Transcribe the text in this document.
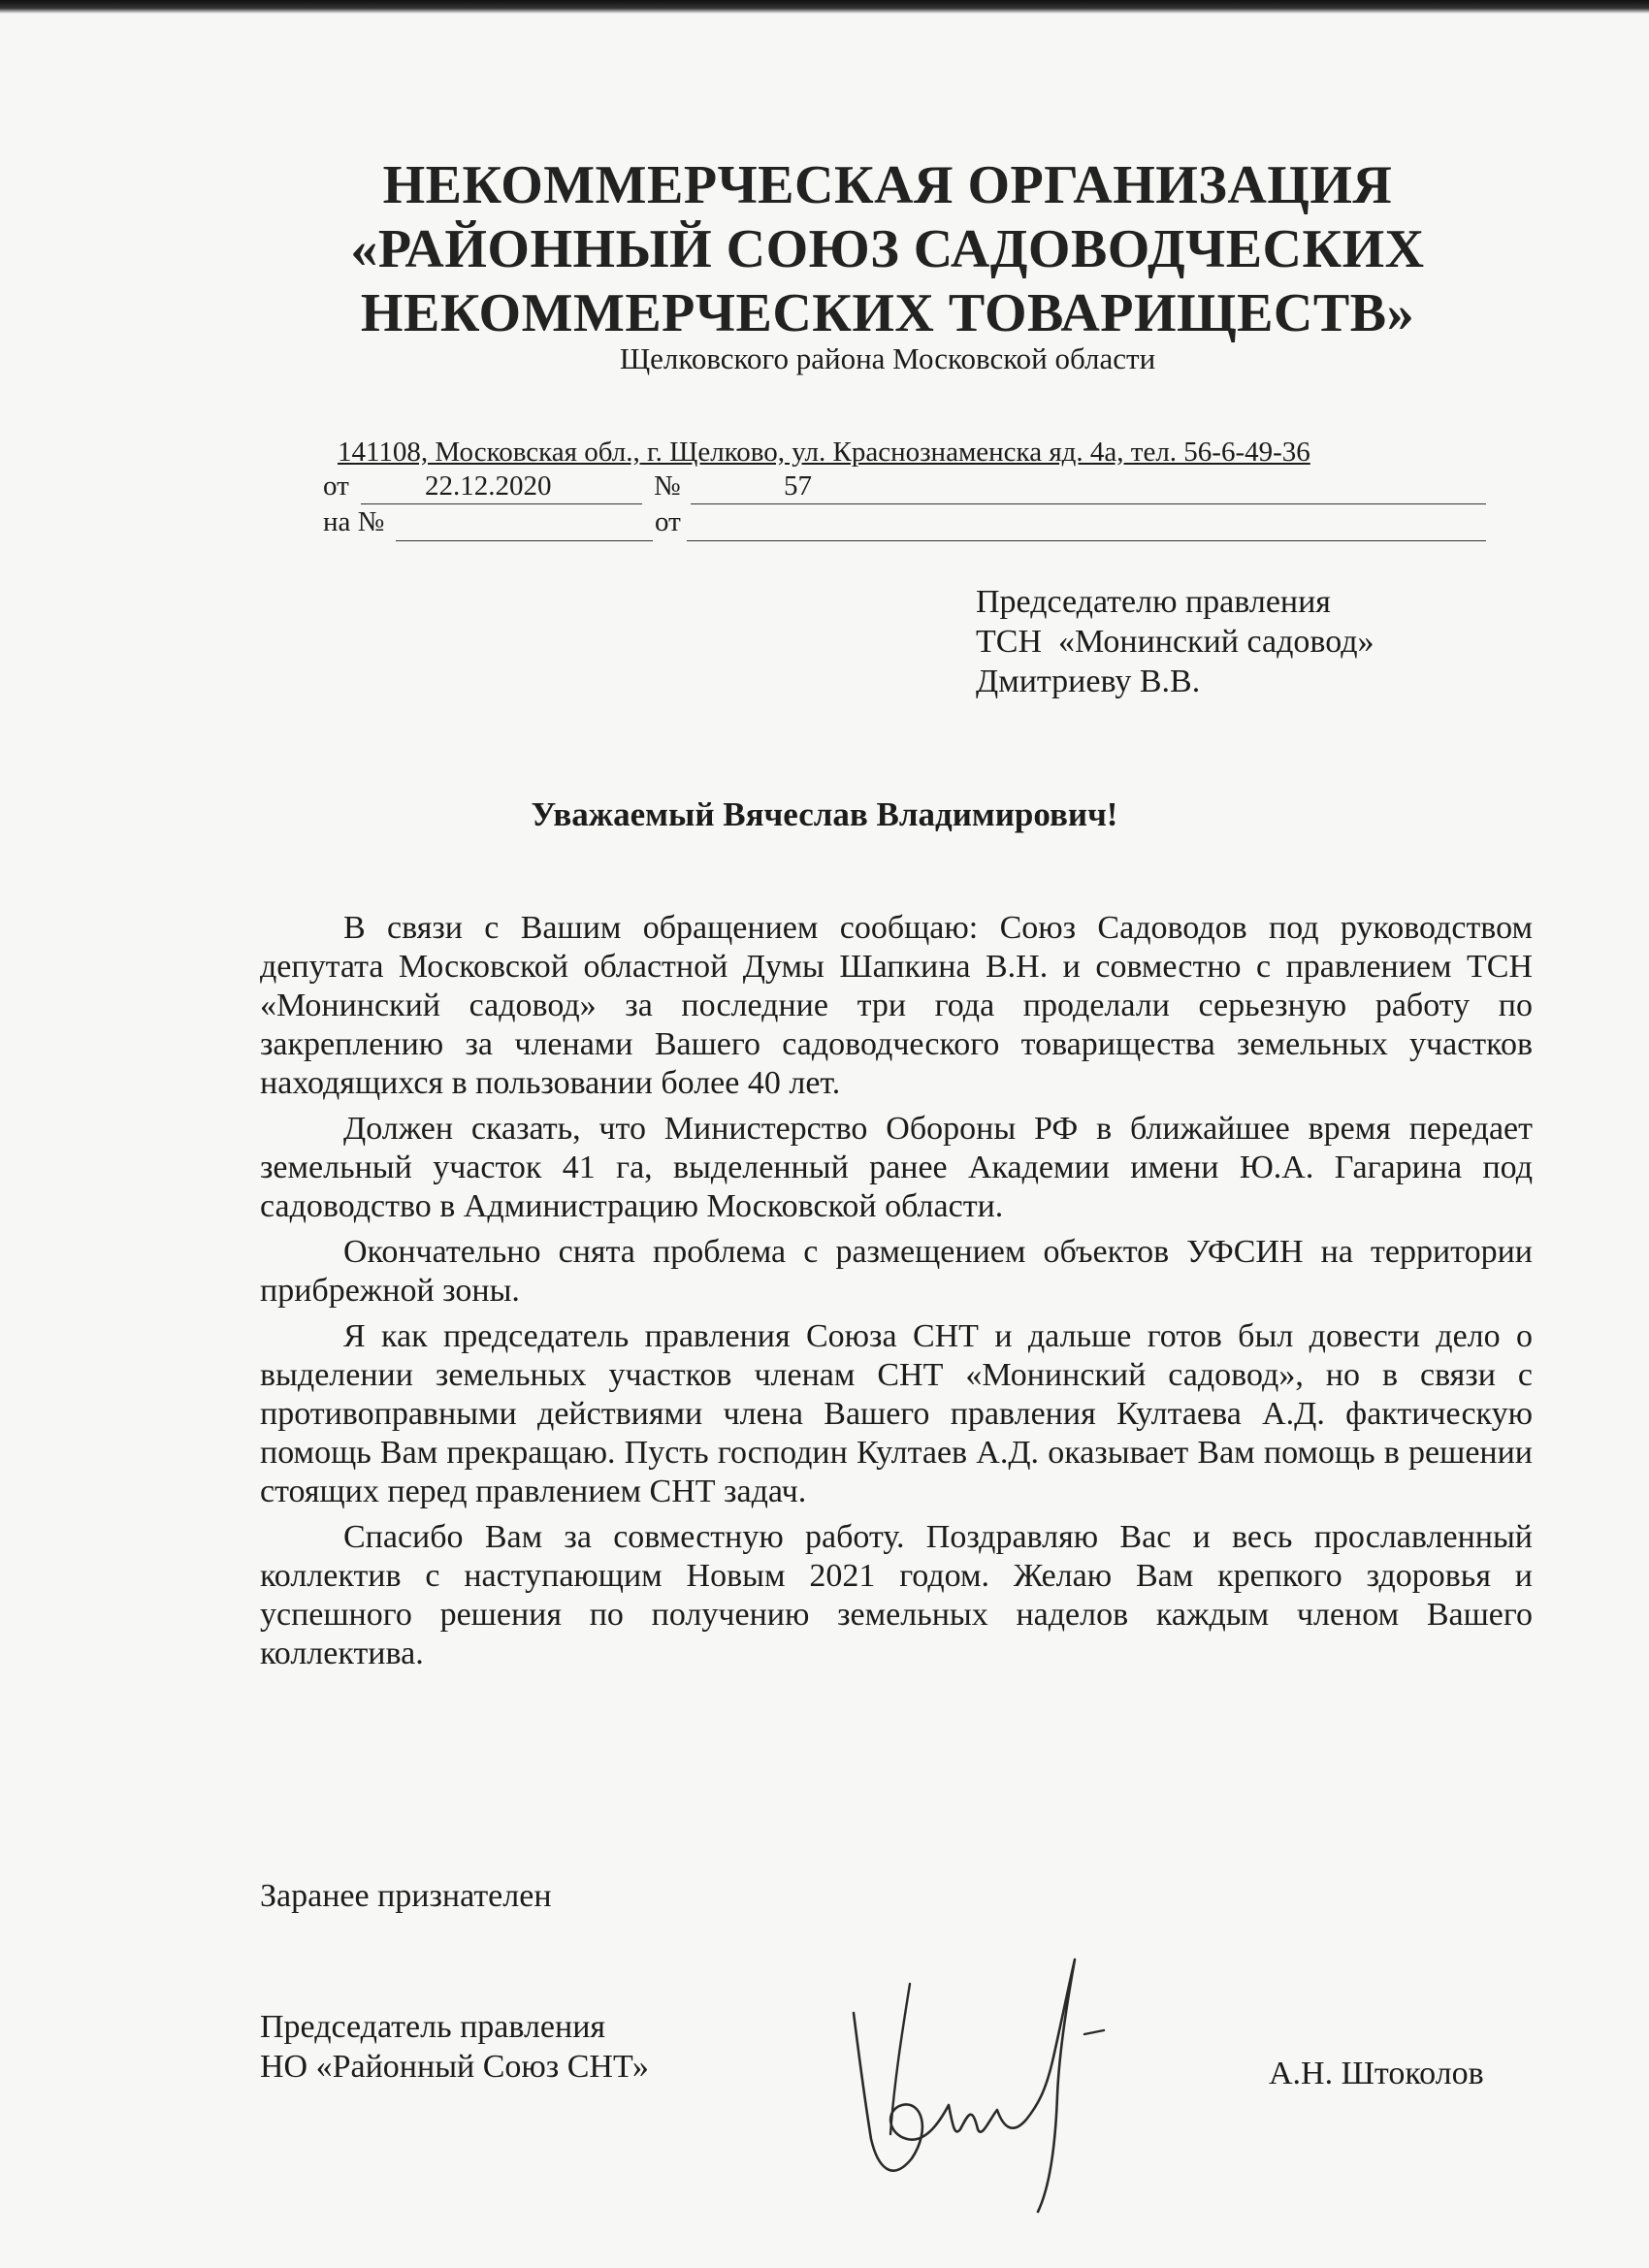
НЕКОММЕРЧЕСКАЯ ОРГАНИЗАЦИЯ
«РАЙОННЫЙ СОЮЗ САДОВОДЧЕСКИХ
НЕКОММЕРЧЕСКИХ ТОВАРИЩЕСТВ»
Щелковского района Московской области
141108, Московская обл., г. Щелково, ул. Краснознаменска яд. 4а, тел. 56-6-49-36
от	22.12.2020	№	57
на №	от
Председателю правления
ТСН  «Монинский садовод»
Дмитриеву В.В.
Уважаемый Вячеслав Владимирович!

В связи с Вашим обращением сообщаю: Союз Садоводов под руководством депутата Московской областной Думы Шапкина В.Н. и совместно с правлением ТСН «Монинский садовод» за последние три года проделали серьезную работу по закреплению за членами Вашего садоводческого товарищества земельных участков находящихся в пользовании более 40 лет.

Должен сказать, что Министерство Обороны РФ в ближайшее время передает земельный участок 41 га, выделенный ранее Академии имени Ю.А. Гагарина под садоводство в Администрацию Московской области.

Окончательно снята проблема с размещением объектов УФСИН на территории прибрежной зоны.

Я как председатель правления Союза СНТ и дальше готов был довести дело о выделении земельных участков членам СНТ «Монинский садовод», но в связи с противоправными действиями члена Вашего правления Култаева А.Д. фактическую помощь Вам прекращаю. Пусть господин Култаев А.Д. оказывает Вам помощь в решении стоящих перед правлением СНТ задач.

Спасибо Вам за совместную работу. Поздравляю Вас и весь прославленный коллектив с наступающим Новым 2021 годом. Желаю Вам крепкого здоровья и успешного решения по получению земельных наделов каждым членом Вашего коллектива.

Заранее признателен
Председатель правления
НО «Районный Союз СНТ»	А.Н. Штоколов
